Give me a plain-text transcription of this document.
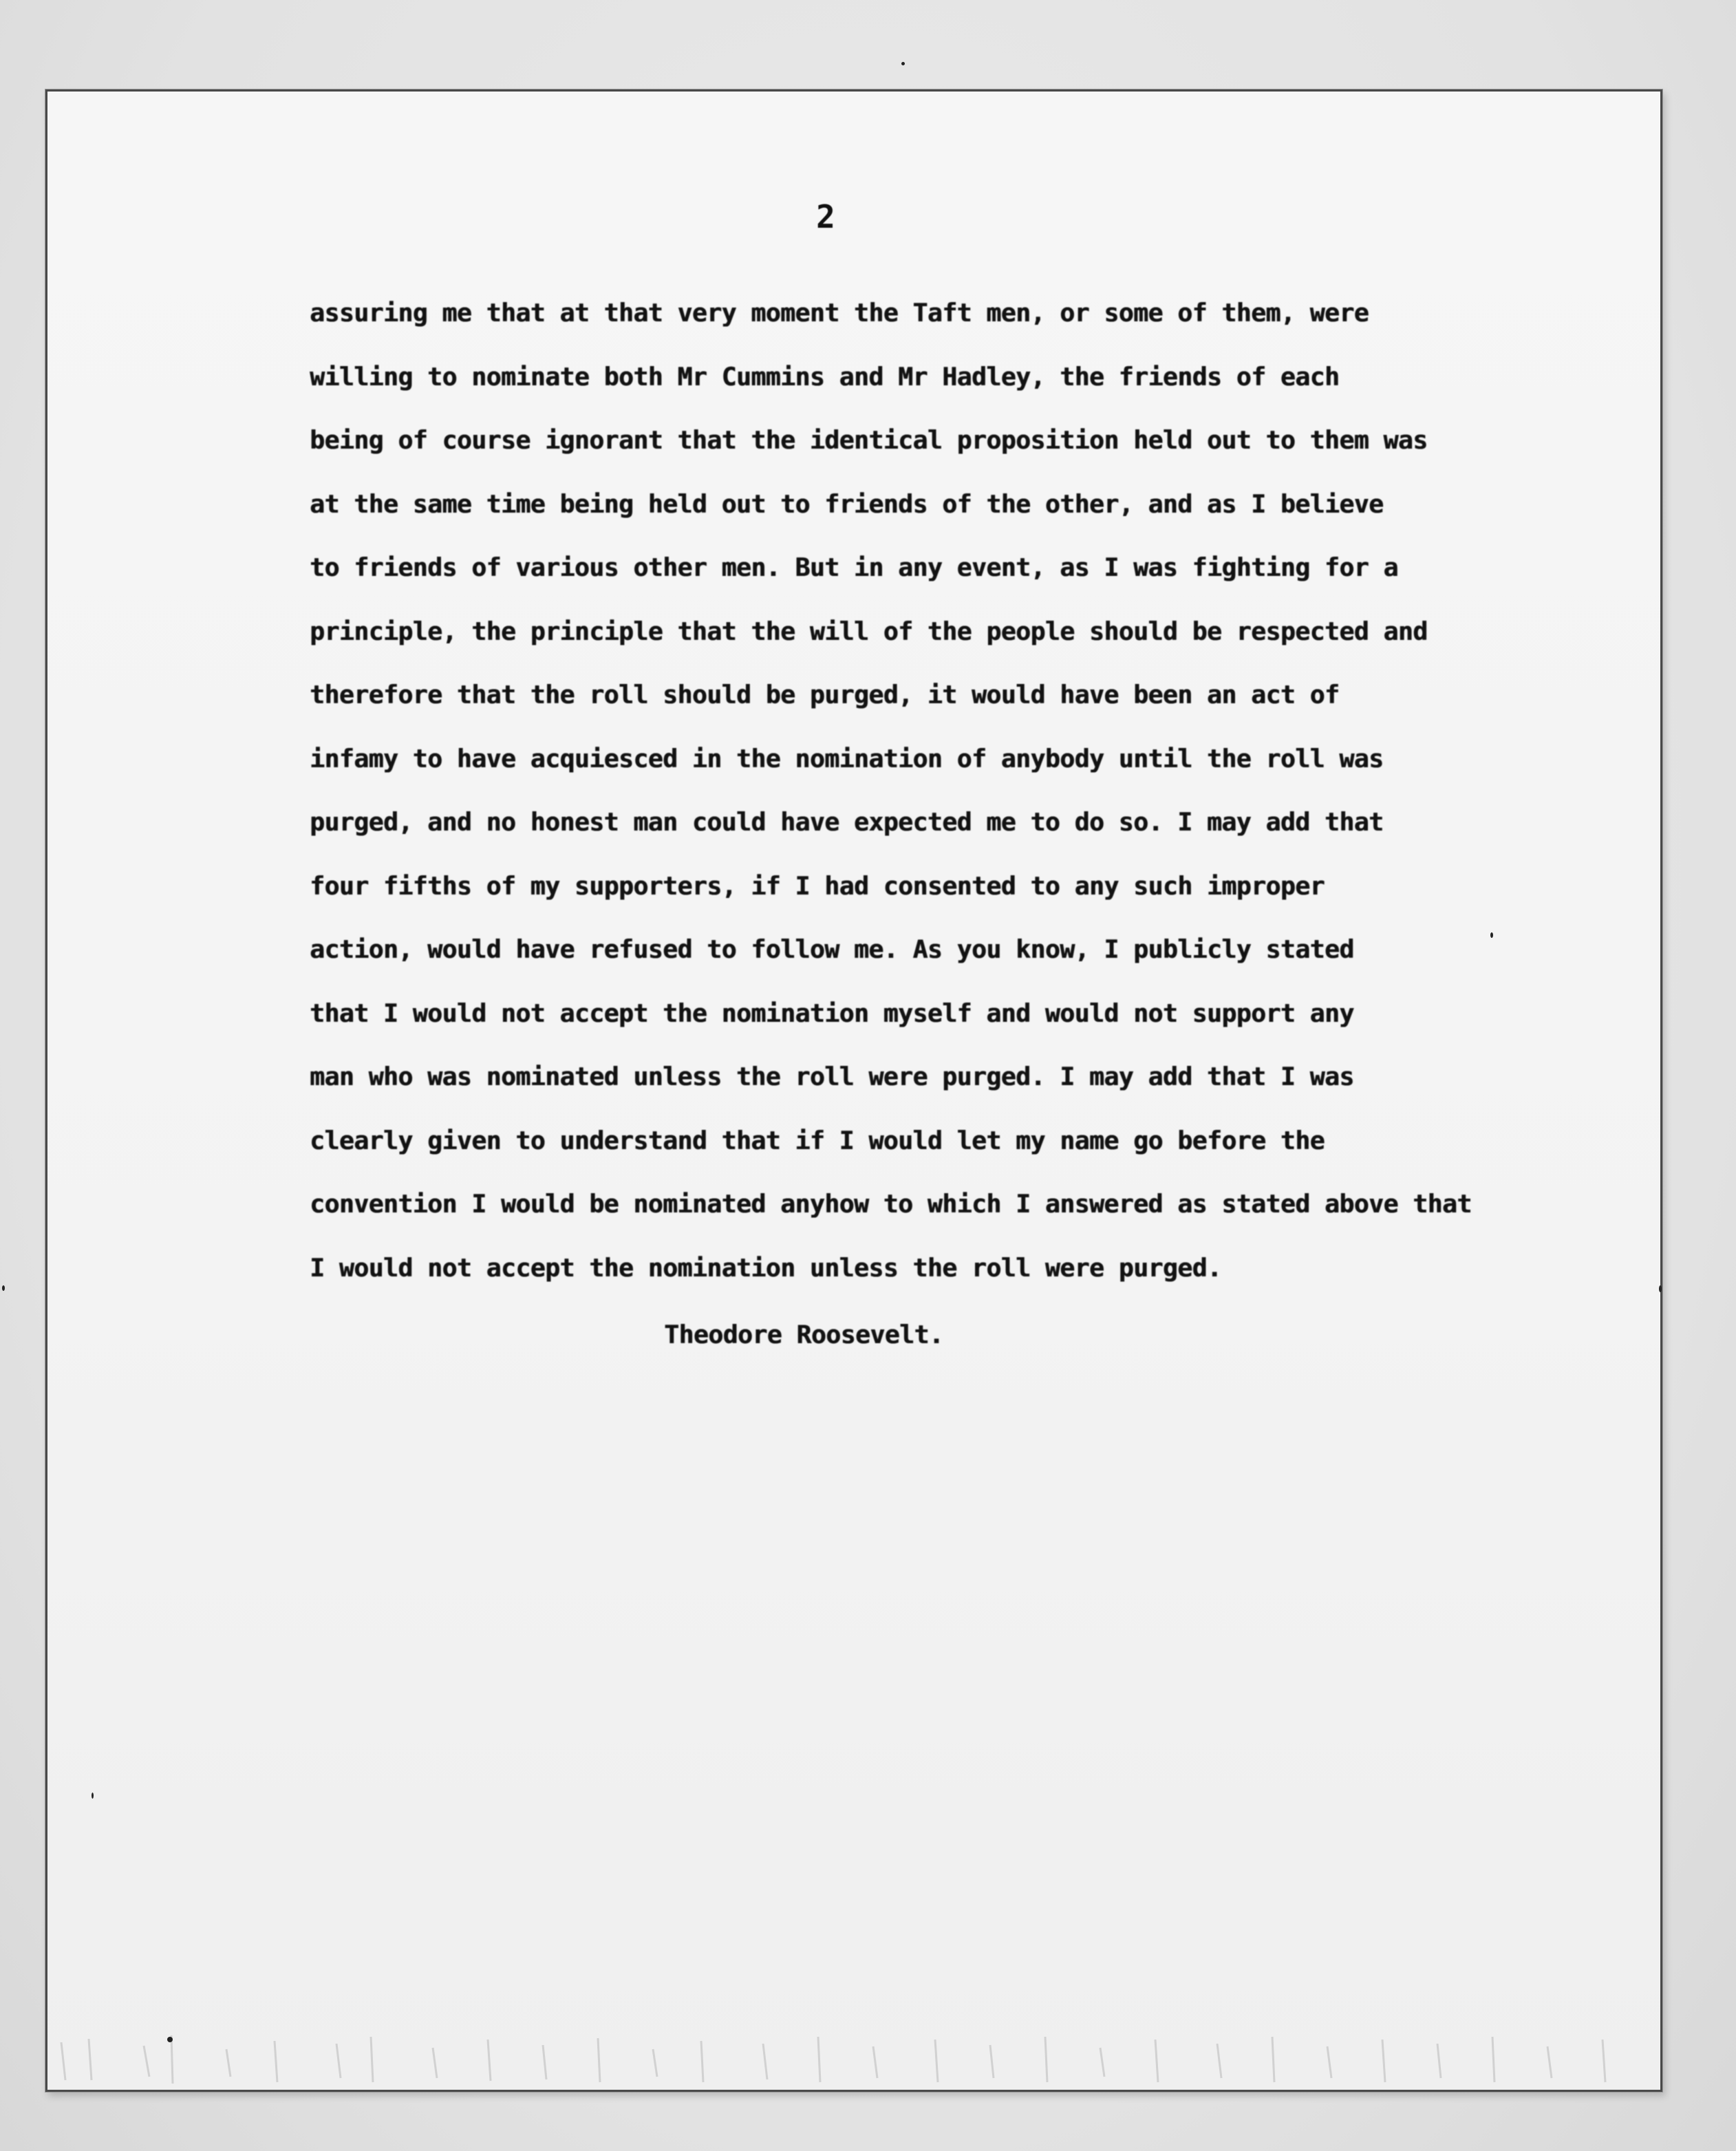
2
assuring me that at that very moment the Taft men, or some of them, were
willing to nominate both Mr Cummins and Mr Hadley, the friends of each
being of course ignorant that the identical proposition held out to them was
at the same time being held out to friends of the other, and as I believe
to friends of various other men. But in any event, as I was fighting for a
principle, the principle that the will of the people should be respected and
therefore that the roll should be purged, it would have been an act of
infamy to have acquiesced in the nomination of anybody until the roll was
purged, and no honest man could have expected me to do so. I may add that
four fifths of my supporters, if I had consented to any such improper
action, would have refused to follow me. As you know, I publicly stated
that I would not accept the nomination myself and would not support any
man who was nominated unless the roll were purged. I may add that I was
clearly given to understand that if I would let my name go before the
convention I would be nominated anyhow to which I answered as stated above that
I would not accept the nomination unless the roll were purged.
Theodore Roosevelt.
